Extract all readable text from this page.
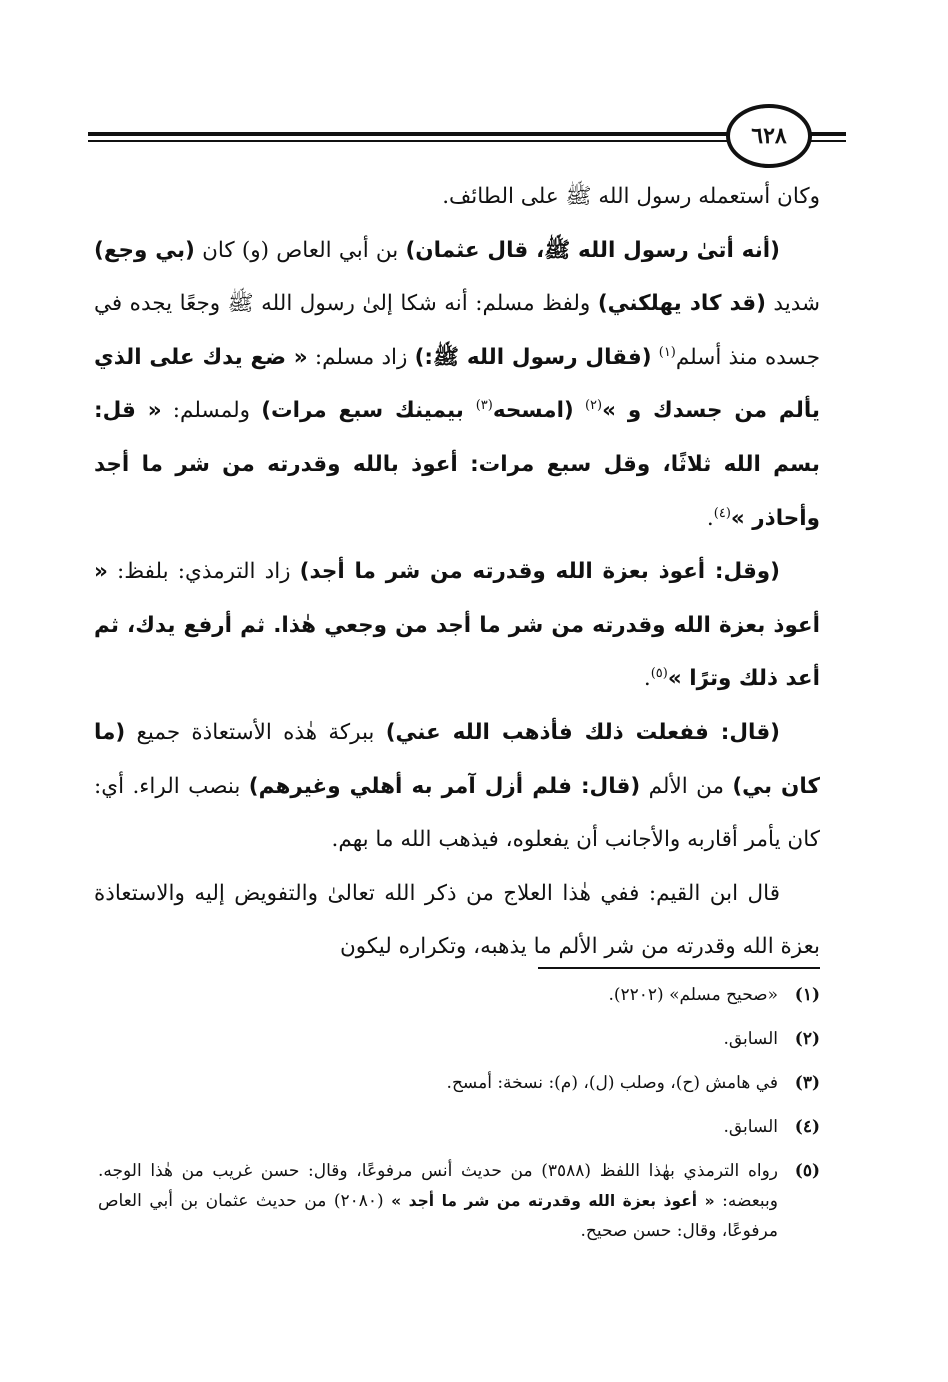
٦٢٨

وكان أستعمله رسول الله ﷺ على الطائف.

(أنه أتىٰ رسول الله ﷺ، قال عثمان) بن أبي العاص (و) كان (بي وجع) شديد (قد كاد يهلكني) ولفظ مسلم: أنه شكا إلىٰ رسول الله ﷺ وجعًا يجده في جسده منذ أسلم$^{(١)}$ (فقال رسول الله ﷺ:) زاد مسلم: « ضع يدك على الذي يألم من جسدك و »$^{(٢)}$ (امسحه$^{(٣)}$ بيمينك سبع مرات) ولمسلم: « قل: بسم الله ثلاثًا، وقل سبع مرات: أعوذ بالله وقدرته من شر ما أجد وأحاذر »$^{(٤)}$.

(وقل: أعوذ بعزة الله وقدرته من شر ما أجد) زاد الترمذي: بلفظ: « أعوذ بعزة الله وقدرته من شر ما أجد من وجعي هٰذا. ثم أرفع يدك، ثم أعد ذلك وترًا »$^{(٥)}$.

(قال: ففعلت ذلك فأذهب الله عني) ببركة هٰذه الأستعاذة جميع (ما كان بي) من الألم (قال: فلم أزل آمر به أهلي وغيرهم) بنصب الراء. أي: كان يأمر أقاربه والأجانب أن يفعلوه، فيذهب الله ما بهم.

قال ابن القيم: ففي هٰذا العلاج من ذكر الله تعالىٰ والتفويض إليه والاستعاذة بعزة الله وقدرته من شر الألم ما يذهبه، وتكراره ليكون

(١)
«صحيح مسلم» (٢٢٠٢).
(٢)
السابق.
(٣)
في هامش (ح)، وصلب (ل)، (م): نسخة: أمسح.
(٤)
السابق.
(٥)
رواه الترمذي بهٰذا اللفظ (٣٥٨٨) من حديث أنس مرفوعًا، وقال: حسن غريب من هٰذا الوجه. وببعضه: « أعوذ بعزة الله وقدرته من شر ما أجد » (٢٠٨٠) من حديث عثمان بن أبي العاص مرفوعًا، وقال: حسن صحيح.
